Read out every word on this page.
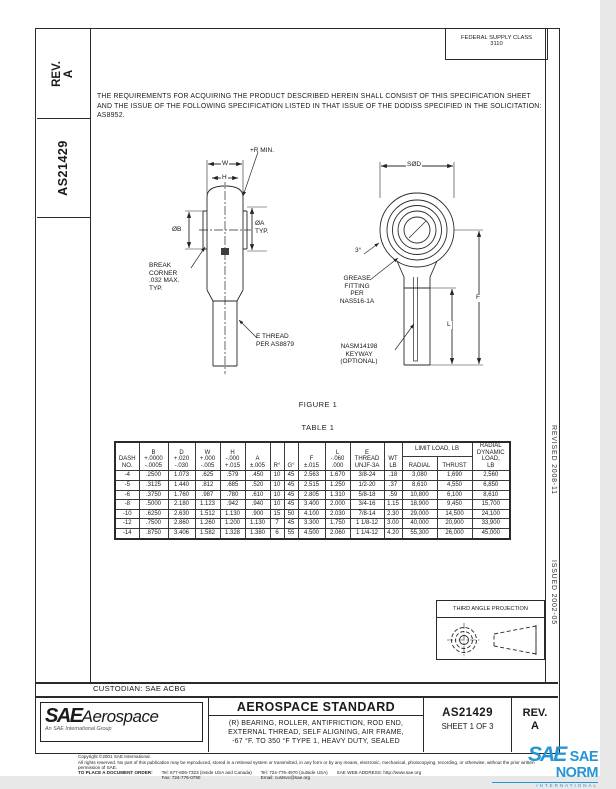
REV. A
AS21429
REVISED 2008-11
ISSUED 2002-05
FEDERAL SUPPLY CLASS
3110
THE REQUIREMENTS FOR ACQUIRING THE PRODUCT DESCRIBED HEREIN SHALL CONSIST OF THIS SPECIFICATION SHEET AND THE ISSUE OF THE FOLLOWING SPECIFICATION LISTED IN THAT ISSUE OF THE DODISS SPECIFIED IN THE SOLICITATION: AS8952.
+R MIN.
W
H
ØB
ØA
TYP.
BREAK
CORNER
.032 MAX.
TYP.
E THREAD
PER AS8879
SØD
3°
GREASE
FITTING
PER
NAS516-1A
NASM14198
KEYWAY
(OPTIONAL)
F
L
FIGURE 1
TABLE 1
DASH
NO.	B
+.0000
-.0005	D
+.020
-.030	W
+.000
-.005	H
-.000
+.015	A
±.005	R°	G°	F
±.015	L
-.060
.000	E
THREAD
UNJF-3A	WT
LB	LIMIT LOAD, LB		RADIAL
DYNAMIC
LOAD,
LB
												RADIAL	THRUST	
-4	.2500	1.073	.625	.579	.450	10	45	2.563	1.670	3/8-24	.18	3,080	1,690	2,560
-5	.3125	1.440	.812	.685	.520	10	45	2.515	1.250	1/2-20	.37	8,610	4,550	6,850
-6	.3750	1.760	.987	.780	.610	10	45	2.805	1.310	5/8-18	.59	10,800	6,100	8,610
-8	.5000	2.180	1.123	.942	.940	10	45	3.400	2.000	3/4-16	1.15	18,900	9,450	15,700
-10	.6250	2.630	1.512	1.130	.900	15	50	4.100	2.030	7/8-14	2.30	29,000	14,500	24,100
-12	.7500	2.860	1.260	1.200	1.130	7	45	3.300	1.750	1 1/8-12	3.00	40,000	20,900	33,900
-14	.8750	3.406	1.582	1.328	1.380	6	55	4.500	2.060	1 1/4-12	4.20	55,300	26,000	45,000
THIRD ANGLE PROJECTION
CUSTODIAN: SAE ACBG
SAEAerospace
An SAE International Group
AEROSPACE STANDARD
(R) BEARING, ROLLER, ANTIFRICTION, ROD END,
EXTERNAL THREAD, SELF ALIGNING, AIR FRAME,
-67 °F. TO 350 °F TYPE 1, HEAVY DUTY, SEALED
AS21429
SHEET 1 OF 3
REV.
A
Copyright ©2001 SAE International.
All rights reserved. No part of this publication may be reproduced, stored in a retrieval system or transmitted, in any form or by any means, electronic, mechanical, photocopying, recording, or otherwise, without the prior written permission of SAE.
TO PLACE A DOCUMENT ORDER: Tel: 877-606-7323 (inside USA and Canada)
Fax: 724-776-0790
Tel: 724-776-4970 (outside USA)
Email: custsvc@sae.org
SAE WEB ADDRESS: http://www.sae.org
SAE SAE NORM
INTERNATIONAL
